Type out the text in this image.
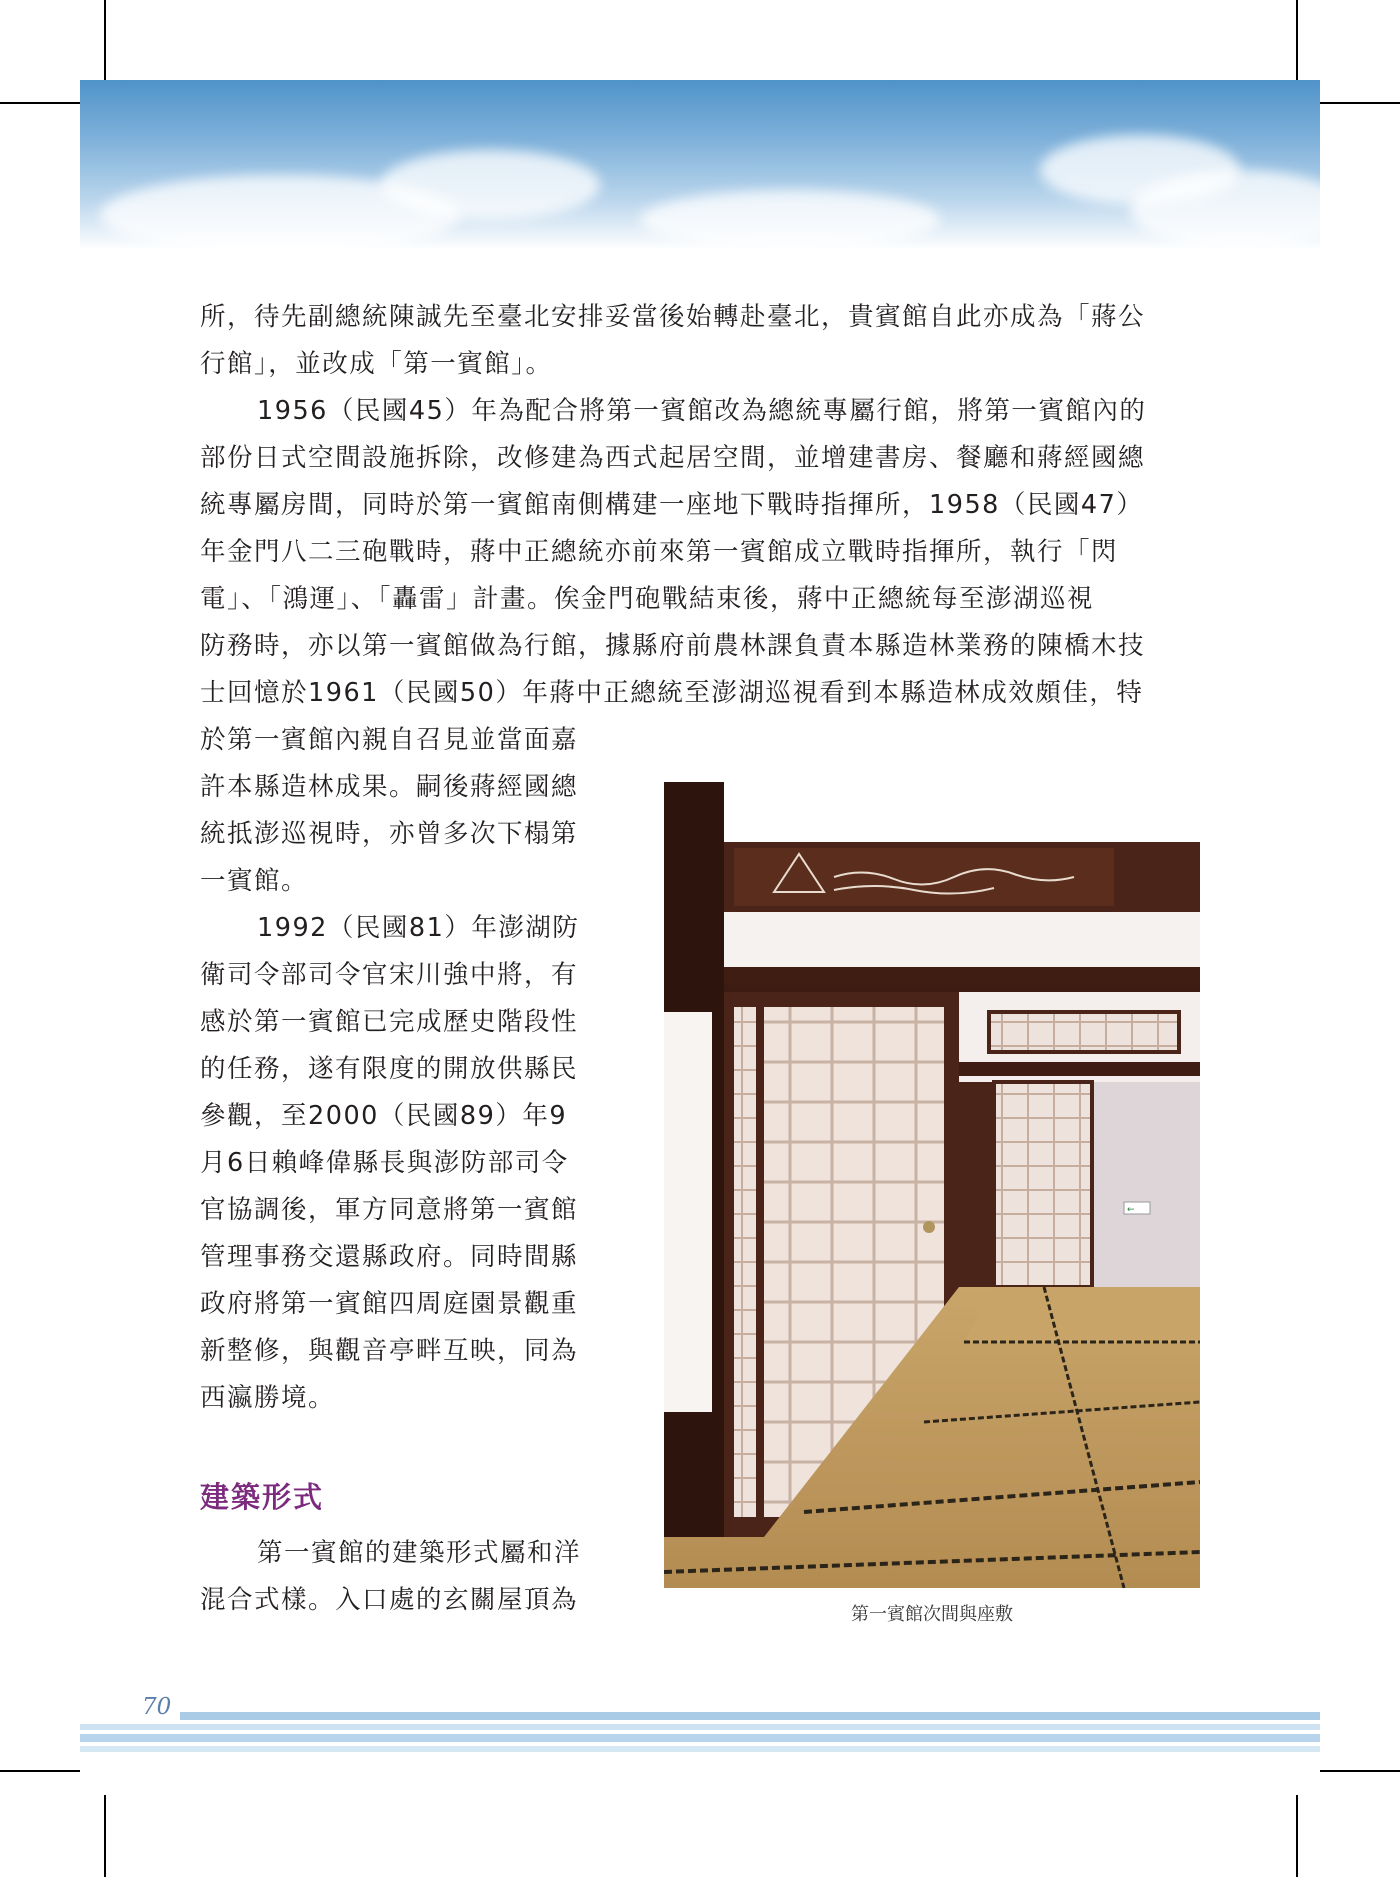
所，待先副總統陳誠先至臺北安排妥當後始轉赴臺北，貴賓館自此亦成為「蔣公
行館」，並改成「第一賓館」。

1956（民國45）年為配合將第一賓館改為總統專屬行館，將第一賓館內的
部份日式空間設施拆除，改修建為西式起居空間，並增建書房、餐廳和蔣經國總
統專屬房間，同時於第一賓館南側構建一座地下戰時指揮所，1958（民國47）
年金門八二三砲戰時，蔣中正總統亦前來第一賓館成立戰時指揮所，執行「閃
電」、「鴻運」、「轟雷」計畫。俟金門砲戰結束後，蔣中正總統每至澎湖巡視
防務時，亦以第一賓館做為行館，據縣府前農林課負責本縣造林業務的陳橋木技
士回憶於1961（民國50）年蔣中正總統至澎湖巡視看到本縣造林成效頗佳，特

於第一賓館內親自召見並當面嘉
許本縣造林成果。嗣後蔣經國總
統抵澎巡視時，亦曾多次下榻第
一賓館。

1992（民國81）年澎湖防
衛司令部司令官宋川強中將，有
感於第一賓館已完成歷史階段性
的任務，遂有限度的開放供縣民
參觀，至2000（民國89）年9
月6日賴峰偉縣長與澎防部司令
官協調後，軍方同意將第一賓館
管理事務交還縣政府。同時間縣
政府將第一賓館四周庭園景觀重
新整修，與觀音亭畔互映，同為
西瀛勝境。

建築形式

第一賓館的建築形式屬和洋
混合式樣。入口處的玄關屋頂為

←
第一賓館次間與座敷
70
